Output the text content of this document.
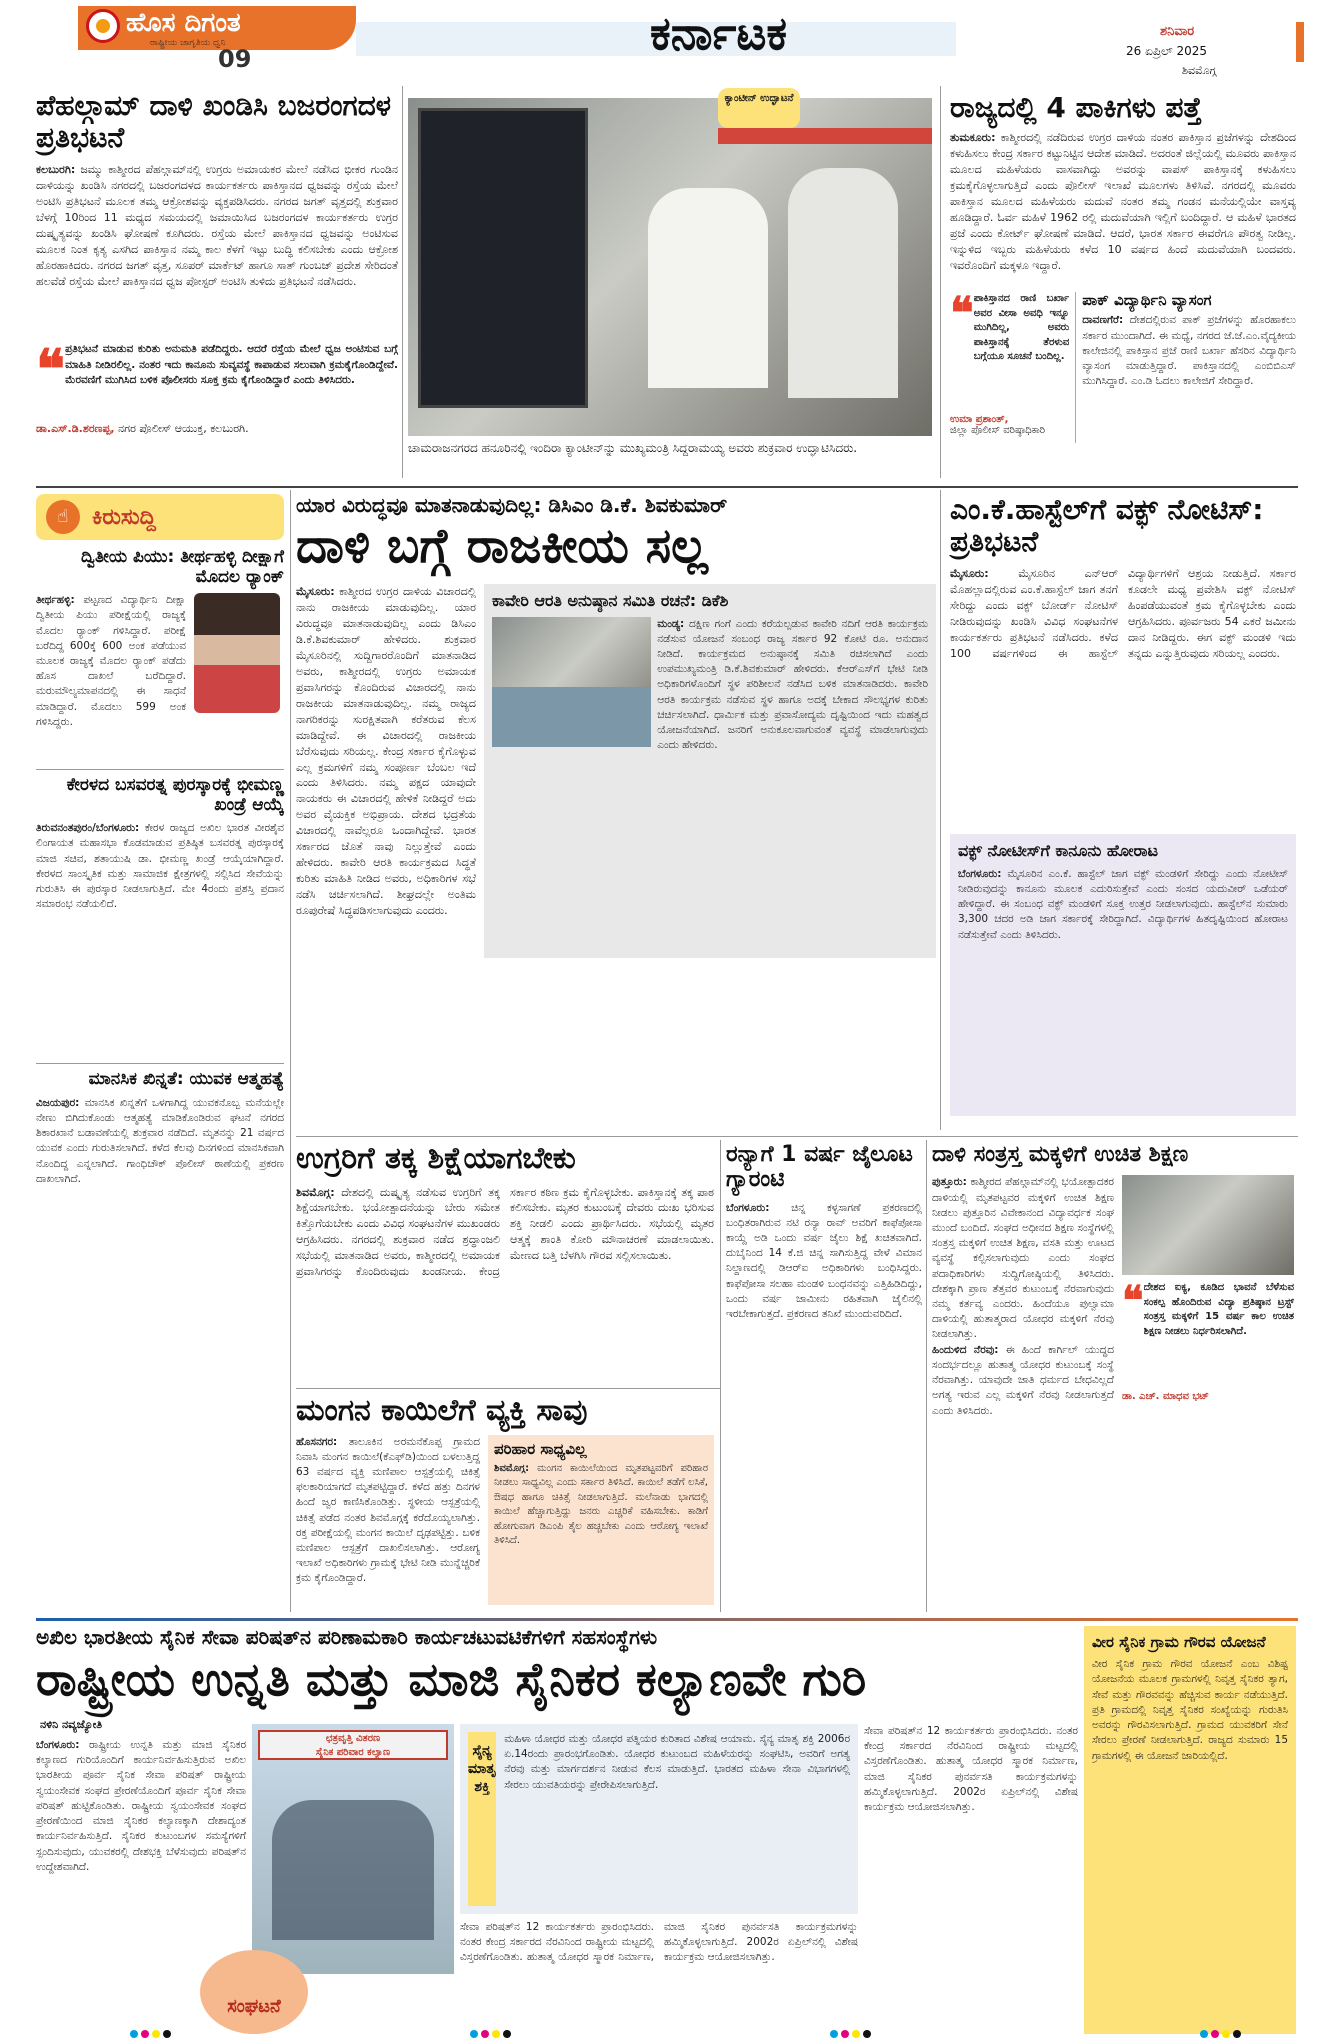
ಹೊಸ ದಿಗಂತ
ರಾಷ್ಟ್ರೀಯ ಜಾಗೃತಿಯ ಧ್ವನಿ
09	ಕರ್ನಾಟಕ	ಶನಿವಾರ
26 ಏಪ್ರಿಲ್ 2025
ಶಿವಮೊಗ್ಗ
ಪೆಹಲ್ಗಾಮ್ ದಾಳಿ ಖಂಡಿಸಿ ಬಜರಂಗದಳ ಪ್ರತಿಭಟನೆ
ಕಲಬುರಗಿ: ಜಮ್ಮು ಕಾಶ್ಮೀರದ ಪೆಹಲ್ಗಾಮ್‌ನಲ್ಲಿ ಉಗ್ರರು ಅಮಾಯಕರ ಮೇಲೆ ನಡೆಸಿದ ಭೀಕರ ಗುಂಡಿನ ದಾಳಿಯನ್ನು ಖಂಡಿಸಿ ನಗರದಲ್ಲಿ ಬಜರಂಗದಳದ ಕಾರ್ಯಕರ್ತರು ಪಾಕಿಸ್ತಾನದ ಧ್ವಜವನ್ನು ರಸ್ತೆಯ ಮೇಲೆ ಅಂಟಿಸಿ ಪ್ರತಿಭಟನೆ ಮೂಲಕ ತಮ್ಮ ಆಕ್ರೋಶವನ್ನು ವ್ಯಕ್ತಪಡಿಸಿದರು. ನಗರದ ಜಗತ್ ವೃತ್ತದಲ್ಲಿ ಶುಕ್ರವಾರ ಬೆಳಗ್ಗೆ 10ರಿಂದ 11 ಮಧ್ಯದ ಸಮಯದಲ್ಲಿ ಜಮಾಯಿಸಿದ ಬಜರಂಗದಳ ಕಾರ್ಯಕರ್ತರು ಉಗ್ರರ ದುಷ್ಕೃತ್ಯವನ್ನು ಖಂಡಿಸಿ ಘೋಷಣೆ ಕೂಗಿದರು. ರಸ್ತೆಯ ಮೇಲೆ ಪಾಕಿಸ್ತಾನದ ಧ್ವಜವನ್ನು ಅಂಟಿಸುವ ಮೂಲಕ ನಿಂತ ಕೃತ್ಯ ಎಸಗಿದ ಪಾಕಿಸ್ತಾನ ನಮ್ಮ ಕಾಲ ಕೆಳಗೆ ಇಟ್ಟು ಬುದ್ಧಿ ಕಲಿಸಬೇಕು ಎಂದು ಆಕ್ರೋಶ ಹೊರಹಾಕಿದರು. ನಗರದ ಜಗತ್ ವೃತ್ತ, ಸೂಪರ್ ಮಾರ್ಕೆಟ್ ಹಾಗೂ ಸಾತ್ ಗುಂಬಜ್ ಪ್ರದೇಶ ಸೇರಿದಂತೆ ಹಲವೆಡೆ ರಸ್ತೆಯ ಮೇಲೆ ಪಾಕಿಸ್ತಾನದ ಧ್ವಜ ಪೋಸ್ಟರ್ ಅಂಟಿಸಿ ತುಳಿದು ಪ್ರತಿಭಟನೆ ನಡೆಸಿದರು.
❝ ಪ್ರತಿಭಟನೆ ಮಾಡುವ ಕುರಿತು ಅನುಮತಿ ಪಡೆದಿದ್ದರು. ಆದರೆ ರಸ್ತೆಯ ಮೇಲೆ ಧ್ವಜ ಅಂಟಿಸುವ ಬಗ್ಗೆ ಮಾಹಿತಿ ನೀಡಿರಲಿಲ್ಲ. ನಂತರ ಇದು ಕಾನೂನು ಸುವ್ಯವಸ್ಥೆ ಕಾಪಾಡುವ ಸಲುವಾಗಿ ಕ್ರಮಕೈಗೊಂಡಿದ್ದೇವೆ. ಮೆರವಣಿಗೆ ಮುಗಿಸಿದ ಬಳಿಕ ಪೊಲೀಸರು ಸೂಕ್ತ ಕ್ರಮ ಕೈಗೊಂಡಿದ್ದಾರೆ ಎಂದು ತಿಳಿಸಿದರು.
ಡಾ.ಎಸ್.ಡಿ.ಶರಣಪ್ಪ, ನಗರ ಪೊಲೀಸ್ ಆಯುಕ್ತ, ಕಲಬುರಗಿ.
ಕ್ಯಾಂಟೀನ್ ಉದ್ಘಾಟನೆ
ಚಾಮರಾಜನಗರದ ಹನೂರಿನಲ್ಲಿ ಇಂದಿರಾ ಕ್ಯಾಂಟೀನ್‌ನ್ನು ಮುಖ್ಯಮಂತ್ರಿ ಸಿದ್ದರಾಮಯ್ಯ ಅವರು ಶುಕ್ರವಾರ ಉದ್ಘಾಟಿಸಿದರು.
ರಾಜ್ಯದಲ್ಲಿ 4 ಪಾಕಿಗಳು ಪತ್ತೆ
ತುಮಕೂರು: ಕಾಶ್ಮೀರದಲ್ಲಿ ನಡೆದಿರುವ ಉಗ್ರರ ದಾಳಿಯ ನಂತರ ಪಾಕಿಸ್ತಾನ ಪ್ರಜೆಗಳನ್ನು ದೇಶದಿಂದ ಕಳುಹಿಸಲು ಕೇಂದ್ರ ಸರ್ಕಾರ ಕಟ್ಟುನಿಟ್ಟಿನ ಆದೇಶ ಮಾಡಿದೆ. ಅದರಂತೆ ಜಿಲ್ಲೆಯಲ್ಲಿ ಮೂವರು ಪಾಕಿಸ್ತಾನ ಮೂಲದ ಮಹಿಳೆಯರು ವಾಸವಾಗಿದ್ದು ಅವರನ್ನು ವಾಪಸ್ ಪಾಕಿಸ್ತಾನಕ್ಕೆ ಕಳುಹಿಸಲು ಕ್ರಮಕೈಗೊಳ್ಳಲಾಗುತ್ತಿದೆ ಎಂದು ಪೊಲೀಸ್ ಇಲಾಖೆ ಮೂಲಗಳು ತಿಳಿಸಿವೆ. ನಗರದಲ್ಲಿ ಮೂವರು ಪಾಕಿಸ್ತಾನ ಮೂಲದ ಮಹಿಳೆಯರು ಮದುವೆ ನಂತರ ತಮ್ಮ ಗಂಡನ ಮನೆಯಲ್ಲಿಯೇ ವಾಸ್ತವ್ಯ ಹೂಡಿದ್ದಾರೆ. ಓರ್ವ ಮಹಿಳೆ 1962 ರಲ್ಲಿ ಮದುವೆಯಾಗಿ ಇಲ್ಲಿಗೆ ಬಂದಿದ್ದಾರೆ. ಆ ಮಹಿಳೆ ಭಾರತದ ಪ್ರಜೆ ಎಂದು ಕೋರ್ಟ್ ಘೋಷಣೆ ಮಾಡಿದೆ. ಆದರೆ, ಭಾರತ ಸರ್ಕಾರ ಈವರೆಗೂ ಪೌರತ್ವ ನೀಡಿಲ್ಲ. ಇನ್ನುಳಿದ ಇಬ್ಬರು ಮಹಿಳೆಯರು ಕಳೆದ 10 ವರ್ಷದ ಹಿಂದೆ ಮದುವೆಯಾಗಿ ಬಂದವರು. ಇವರೊಂದಿಗೆ ಮಕ್ಕಳೂ ಇದ್ದಾರೆ.
❝ ಪಾಕಿಸ್ತಾನದ ರಾಣಿ ಬರ್ಖಾ ಅವರ ವೀಸಾ ಅವಧಿ ಇನ್ನೂ ಮುಗಿದಿಲ್ಲ, ಅವರು ಪಾಕಿಸ್ತಾನಕ್ಕೆ ತೆರಳುವ ಬಗ್ಗೆಯೂ ಸೂಚನೆ ಬಂದಿಲ್ಲ.
ಉಮಾ ಪ್ರಶಾಂತ್,
ಜಿಲ್ಲಾ ಪೊಲೀಸ್ ವರಿಷ್ಠಾಧಿಕಾರಿ
ಪಾಕ್ ವಿದ್ಯಾರ್ಥಿನಿ ವ್ಯಾಸಂಗ
ದಾವಣಗೆರೆ: ದೇಶದಲ್ಲಿರುವ ಪಾಕ್ ಪ್ರಜೆಗಳನ್ನು ಹೊರಹಾಕಲು ಸರ್ಕಾರ ಮುಂದಾಗಿದೆ. ಈ ಮಧ್ಯೆ, ನಗರದ ಜೆ.ಜೆ.ಎಂ.ವೈದ್ಯಕೀಯ ಕಾಲೇಜಿನಲ್ಲಿ ಪಾಕಿಸ್ತಾನ ಪ್ರಜೆ ರಾಣಿ ಬರ್ಖಾ ಹೆಸರಿನ ವಿದ್ಯಾರ್ಥಿನಿ ವ್ಯಾಸಂಗ ಮಾಡುತ್ತಿದ್ದಾರೆ. ಪಾಕಿಸ್ತಾನದಲ್ಲಿ ಎಂಬಿಬಿಎಸ್ ಮುಗಿಸಿದ್ದಾರೆ. ಎಂ.ಡಿ ಓದಲು ಕಾಲೇಜಿಗೆ ಸೇರಿದ್ದಾರೆ.
☝	ಕಿರುಸುದ್ದಿ
ದ್ವಿತೀಯ ಪಿಯು: ತೀರ್ಥಹಳ್ಳಿ ದೀಕ್ಷಾಗೆ ಮೊದಲ ರ್‍ಯಾಂಕ್
ತೀರ್ಥಹಳ್ಳಿ: ಪಟ್ಟಣದ ವಿದ್ಯಾರ್ಥಿನಿ ದೀಕ್ಷಾ ದ್ವಿತೀಯ ಪಿಯು ಪರೀಕ್ಷೆಯಲ್ಲಿ ರಾಜ್ಯಕ್ಕೆ ಮೊದಲ ರ್‍ಯಾಂಕ್ ಗಳಿಸಿದ್ದಾರೆ. ಪರೀಕ್ಷೆ ಬರೆದಿದ್ದ 600ಕ್ಕೆ 600 ಅಂಕ ಪಡೆಯುವ ಮೂಲಕ ರಾಜ್ಯಕ್ಕೆ ಮೊದಲ ರ್‍ಯಾಂಕ್ ಪಡೆದು ಹೊಸ ದಾಖಲೆ ಬರೆದಿದ್ದಾರೆ. ಮರುಮೌಲ್ಯಮಾಪನದಲ್ಲಿ ಈ ಸಾಧನೆ ಮಾಡಿದ್ದಾರೆ. ಮೊದಲು 599 ಅಂಕ ಗಳಿಸಿದ್ದರು.
ಕೇರಳದ ಬಸವರತ್ನ ಪುರಸ್ಕಾರಕ್ಕೆ ಭೀಮಣ್ಣ ಖಂಡ್ರೆ ಆಯ್ಕೆ
ತಿರುವನಂತಪುರಂ/ಬೆಂಗಳೂರು: ಕೇರಳ ರಾಜ್ಯದ ಅಖಿಲ ಭಾರತ ವೀರಶೈವ ಲಿಂಗಾಯತ ಮಹಾಸಭಾ ಕೊಡಮಾಡುವ ಪ್ರತಿಷ್ಠಿತ ಬಸವರತ್ನ ಪುರಸ್ಕಾರಕ್ಕೆ ಮಾಜಿ ಸಚಿವ, ಶತಾಯುಷಿ ಡಾ. ಭೀಮಣ್ಣ ಖಂಡ್ರೆ ಆಯ್ಕೆಯಾಗಿದ್ದಾರೆ. ಕೇರಳದ ಸಾಂಸ್ಕೃತಿಕ ಮತ್ತು ಸಾಮಾಜಿಕ ಕ್ಷೇತ್ರಗಳಲ್ಲಿ ಸಲ್ಲಿಸಿದ ಸೇವೆಯನ್ನು ಗುರುತಿಸಿ ಈ ಪುರಸ್ಕಾರ ನೀಡಲಾಗುತ್ತಿದೆ. ಮೇ 4ರಂದು ಪ್ರಶಸ್ತಿ ಪ್ರದಾನ ಸಮಾರಂಭ ನಡೆಯಲಿದೆ.
ಮಾನಸಿಕ ಖಿನ್ನತೆ: ಯುವಕ ಆತ್ಮಹತ್ಯೆ
ವಿಜಯಪುರ: ಮಾನಸಿಕ ಖಿನ್ನತೆಗೆ ಒಳಗಾಗಿದ್ದ ಯುವಕನೊಬ್ಬ ಮನೆಯಲ್ಲೇ ನೇಣು ಬಿಗಿದುಕೊಂಡು ಆತ್ಮಹತ್ಯೆ ಮಾಡಿಕೊಂಡಿರುವ ಘಟನೆ ನಗರದ ಶಿಕಾರಖಾನೆ ಬಡಾವಣೆಯಲ್ಲಿ ಶುಕ್ರವಾರ ನಡೆದಿದೆ. ಮೃತನನ್ನು 21 ವರ್ಷದ ಯುವಕ ಎಂದು ಗುರುತಿಸಲಾಗಿದೆ. ಕಳೆದ ಕೆಲವು ದಿನಗಳಿಂದ ಮಾನಸಿಕವಾಗಿ ನೊಂದಿದ್ದ ಎನ್ನಲಾಗಿದೆ. ಗಾಂಧಿಚೌಕ್ ಪೊಲೀಸ್ ಠಾಣೆಯಲ್ಲಿ ಪ್ರಕರಣ ದಾಖಲಾಗಿದೆ.
ಯಾರ ವಿರುದ್ಧವೂ ಮಾತನಾಡುವುದಿಲ್ಲ: ಡಿಸಿಎಂ ಡಿ.ಕೆ. ಶಿವಕುಮಾರ್
ದಾಳಿ ಬಗ್ಗೆ ರಾಜಕೀಯ ಸಲ್ಲ
ಮೈಸೂರು: ಕಾಶ್ಮೀರದ ಉಗ್ರರ ದಾಳಿಯ ವಿಚಾರದಲ್ಲಿ ನಾನು ರಾಜಕೀಯ ಮಾಡುವುದಿಲ್ಲ. ಯಾರ ವಿರುದ್ಧವೂ ಮಾತನಾಡುವುದಿಲ್ಲ ಎಂದು ಡಿಸಿಎಂ ಡಿ.ಕೆ.ಶಿವಕುಮಾರ್ ಹೇಳಿದರು. ಶುಕ್ರವಾರ ಮೈಸೂರಿನಲ್ಲಿ ಸುದ್ದಿಗಾರರೊಂದಿಗೆ ಮಾತನಾಡಿದ ಅವರು, ಕಾಶ್ಮೀರದಲ್ಲಿ ಉಗ್ರರು ಅಮಾಯಕ ಪ್ರವಾಸಿಗರನ್ನು ಕೊಂದಿರುವ ವಿಚಾರದಲ್ಲಿ ನಾನು ರಾಜಕೀಯ ಮಾತನಾಡುವುದಿಲ್ಲ. ನಮ್ಮ ರಾಜ್ಯದ ನಾಗರಿಕರನ್ನು ಸುರಕ್ಷಿತವಾಗಿ ಕರೆತರುವ ಕೆಲಸ ಮಾಡಿದ್ದೇವೆ. ಈ ವಿಚಾರದಲ್ಲಿ ರಾಜಕೀಯ ಬೆರೆಸುವುದು ಸರಿಯಲ್ಲ. ಕೇಂದ್ರ ಸರ್ಕಾರ ಕೈಗೊಳ್ಳುವ ಎಲ್ಲ ಕ್ರಮಗಳಿಗೆ ನಮ್ಮ ಸಂಪೂರ್ಣ ಬೆಂಬಲ ಇದೆ ಎಂದು ತಿಳಿಸಿದರು. ನಮ್ಮ ಪಕ್ಷದ ಯಾವುದೇ ನಾಯಕರು ಈ ವಿಚಾರದಲ್ಲಿ ಹೇಳಿಕೆ ನೀಡಿದ್ದರೆ ಅದು ಅವರ ವೈಯಕ್ತಿಕ ಅಭಿಪ್ರಾಯ. ದೇಶದ ಭದ್ರತೆಯ ವಿಚಾರದಲ್ಲಿ ನಾವೆಲ್ಲರೂ ಒಂದಾಗಿದ್ದೇವೆ. ಭಾರತ ಸರ್ಕಾರದ ಜೊತೆ ನಾವು ನಿಲ್ಲುತ್ತೇವೆ ಎಂದು ಹೇಳಿದರು. ಕಾವೇರಿ ಆರತಿ ಕಾರ್ಯಕ್ರಮದ ಸಿದ್ಧತೆ ಕುರಿತು ಮಾಹಿತಿ ನೀಡಿದ ಅವರು, ಅಧಿಕಾರಿಗಳ ಸಭೆ ನಡೆಸಿ ಚರ್ಚಿಸಲಾಗಿದೆ. ಶೀಘ್ರದಲ್ಲೇ ಅಂತಿಮ ರೂಪುರೇಷೆ ಸಿದ್ಧಪಡಿಸಲಾಗುವುದು ಎಂದರು.
ಕಾವೇರಿ ಆರತಿ ಅನುಷ್ಠಾನ ಸಮಿತಿ ರಚನೆ: ಡಿಕೆಶಿ
ಮಂಡ್ಯ: ದಕ್ಷಿಣ ಗಂಗೆ ಎಂದು ಕರೆಯಲ್ಪಡುವ ಕಾವೇರಿ ನದಿಗೆ ಆರತಿ ಕಾರ್ಯಕ್ರಮ ನಡೆಸುವ ಯೋಜನೆ ಸಂಬಂಧ ರಾಜ್ಯ ಸರ್ಕಾರ 92 ಕೋಟಿ ರೂ. ಅನುದಾನ ನೀಡಿದೆ. ಕಾರ್ಯಕ್ರಮದ ಅನುಷ್ಠಾನಕ್ಕೆ ಸಮಿತಿ ರಚಿಸಲಾಗಿದೆ ಎಂದು ಉಪಮುಖ್ಯಮಂತ್ರಿ ಡಿ.ಕೆ.ಶಿವಕುಮಾರ್ ಹೇಳಿದರು. ಕೆಆರ್‌ಎಸ್‌ಗೆ ಭೇಟಿ ನೀಡಿ ಅಧಿಕಾರಿಗಳೊಂದಿಗೆ ಸ್ಥಳ ಪರಿಶೀಲನೆ ನಡೆಸಿದ ಬಳಿಕ ಮಾತನಾಡಿದರು. ಕಾವೇರಿ ಆರತಿ ಕಾರ್ಯಕ್ರಮ ನಡೆಸುವ ಸ್ಥಳ ಹಾಗೂ ಅದಕ್ಕೆ ಬೇಕಾದ ಸೌಲಭ್ಯಗಳ ಕುರಿತು ಚರ್ಚಿಸಲಾಗಿದೆ. ಧಾರ್ಮಿಕ ಮತ್ತು ಪ್ರವಾಸೋದ್ಯಮ ದೃಷ್ಟಿಯಿಂದ ಇದು ಮಹತ್ವದ ಯೋಜನೆಯಾಗಿದೆ. ಜನರಿಗೆ ಅನುಕೂಲವಾಗುವಂತೆ ವ್ಯವಸ್ಥೆ ಮಾಡಲಾಗುವುದು ಎಂದು ಹೇಳಿದರು.
ಎಂ.ಕೆ.ಹಾಸ್ಟೆಲ್‌ಗೆ ವಕ್ಫ್ ನೋಟಿಸ್: ಪ್ರತಿಭಟನೆ
ಮೈಸೂರು:	ಮೈಸೂರಿನ ಎನ್‌ಆರ್ ಮೊಹಲ್ಲಾದಲ್ಲಿರುವ ಎಂ.ಕೆ.ಹಾಸ್ಟೆಲ್ ಜಾಗ ತನಗೆ ಸೇರಿದ್ದು ಎಂದು ವಕ್ಫ್ ಬೋರ್ಡ್ ನೋಟಿಸ್ ನೀಡಿರುವುದನ್ನು ಖಂಡಿಸಿ ವಿವಿಧ ಸಂಘಟನೆಗಳ ಕಾರ್ಯಕರ್ತರು ಪ್ರತಿಭಟನೆ ನಡೆಸಿದರು. ಕಳೆದ 100 ವರ್ಷಗಳಿಂದ ಈ ಹಾಸ್ಟೆಲ್ ವಿದ್ಯಾರ್ಥಿಗಳಿಗೆ ಆಶ್ರಯ ನೀಡುತ್ತಿದೆ. ಸರ್ಕಾರ ಕೂಡಲೇ ಮಧ್ಯ ಪ್ರವೇಶಿಸಿ ವಕ್ಫ್ ನೋಟಿಸ್ ಹಿಂಪಡೆಯುವಂತೆ ಕ್ರಮ ಕೈಗೊಳ್ಳಬೇಕು ಎಂದು ಆಗ್ರಹಿಸಿದರು. ಪೂರ್ವಜರು 54 ಎಕರೆ ಜಮೀನು ದಾನ ನೀಡಿದ್ದರು. ಈಗ ವಕ್ಫ್ ಮಂಡಳಿ ಇದು ತನ್ನದು ಎನ್ನುತ್ತಿರುವುದು ಸರಿಯಲ್ಲ ಎಂದರು.
ವಕ್ಫ್ ನೋಟೀಸ್‌ಗೆ ಕಾನೂನು ಹೋರಾಟ
ಬೆಂಗಳೂರು: ಮೈಸೂರಿನ ಎಂ.ಕೆ. ಹಾಸ್ಟೆಲ್ ಜಾಗ ವಕ್ಫ್ ಮಂಡಳಿಗೆ ಸೇರಿದ್ದು ಎಂದು ನೋಟೀಸ್ ನೀಡಿರುವುದನ್ನು ಕಾನೂನು ಮೂಲಕ ಎದುರಿಸುತ್ತೇವೆ ಎಂದು ಸಂಸದ ಯದುವೀರ್ ಒಡೆಯರ್ ಹೇಳಿದ್ದಾರೆ. ಈ ಸಂಬಂಧ ವಕ್ಫ್ ಮಂಡಳಿಗೆ ಸೂಕ್ತ ಉತ್ತರ ನೀಡಲಾಗುವುದು. ಹಾಸ್ಟೆಲ್‌ನ ಸುಮಾರು 3,300 ಚದರ ಅಡಿ ಜಾಗ ಸರ್ಕಾರಕ್ಕೆ ಸೇರಿದ್ದಾಗಿದೆ. ವಿದ್ಯಾರ್ಥಿಗಳ ಹಿತದೃಷ್ಟಿಯಿಂದ ಹೋರಾಟ ನಡೆಸುತ್ತೇವೆ ಎಂದು ತಿಳಿಸಿದರು.
ಉಗ್ರರಿಗೆ ತಕ್ಕ ಶಿಕ್ಷೆಯಾಗಬೇಕು
ಶಿವಮೊಗ್ಗ: ದೇಶದಲ್ಲಿ ದುಷ್ಕೃತ್ಯ ನಡೆಸುವ ಉಗ್ರರಿಗೆ ತಕ್ಕ ಶಿಕ್ಷೆಯಾಗಬೇಕು. ಭಯೋತ್ಪಾದನೆಯನ್ನು ಬೇರು ಸಮೇತ ಕಿತ್ತೊಗೆಯಬೇಕು ಎಂದು ವಿವಿಧ ಸಂಘಟನೆಗಳ ಮುಖಂಡರು ಆಗ್ರಹಿಸಿದರು. ನಗರದಲ್ಲಿ ಶುಕ್ರವಾರ ನಡೆದ ಶ್ರದ್ಧಾಂಜಲಿ ಸಭೆಯಲ್ಲಿ ಮಾತನಾಡಿದ ಅವರು, ಕಾಶ್ಮೀರದಲ್ಲಿ ಅಮಾಯಕ ಪ್ರವಾಸಿಗರನ್ನು ಕೊಂದಿರುವುದು ಖಂಡನೀಯ. ಕೇಂದ್ರ ಸರ್ಕಾರ ಕಠಿಣ ಕ್ರಮ ಕೈಗೊಳ್ಳಬೇಕು. ಪಾಕಿಸ್ತಾನಕ್ಕೆ ತಕ್ಕ ಪಾಠ ಕಲಿಸಬೇಕು. ಮೃತರ ಕುಟುಂಬಕ್ಕೆ ದೇವರು ದುಃಖ ಭರಿಸುವ ಶಕ್ತಿ ನೀಡಲಿ ಎಂದು ಪ್ರಾರ್ಥಿಸಿದರು. ಸಭೆಯಲ್ಲಿ ಮೃತರ ಆತ್ಮಕ್ಕೆ ಶಾಂತಿ ಕೋರಿ ಮೌನಾಚರಣೆ ಮಾಡಲಾಯಿತು. ಮೇಣದ ಬತ್ತಿ ಬೆಳಗಿಸಿ ಗೌರವ ಸಲ್ಲಿಸಲಾಯಿತು.
ರನ್ಯಾಗೆ 1 ವರ್ಷ ಜೈಲೂಟ ಗ್ಯಾರಂಟಿ
ಬೆಂಗಳೂರು: ಚಿನ್ನ ಕಳ್ಳಸಾಗಣೆ ಪ್ರಕರಣದಲ್ಲಿ ಬಂಧಿತರಾಗಿರುವ ನಟಿ ರನ್ಯಾ ರಾವ್ ಅವರಿಗೆ ಕಾಫೆಪೋಸಾ ಕಾಯ್ದೆ ಅಡಿ ಒಂದು ವರ್ಷ ಜೈಲು ಶಿಕ್ಷೆ ಖಚಿತವಾಗಿದೆ. ದುಬೈನಿಂದ 14 ಕೆ.ಜಿ ಚಿನ್ನ ಸಾಗಿಸುತ್ತಿದ್ದ ವೇಳೆ ವಿಮಾನ ನಿಲ್ದಾಣದಲ್ಲಿ ಡಿಆರ್‌ಐ ಅಧಿಕಾರಿಗಳು ಬಂಧಿಸಿದ್ದರು. ಕಾಫೆಪೋಸಾ ಸಲಹಾ ಮಂಡಳಿ ಬಂಧನವನ್ನು ಎತ್ತಿಹಿಡಿದಿದ್ದು, ಒಂದು ವರ್ಷ ಜಾಮೀನು ರಹಿತವಾಗಿ ಜೈಲಿನಲ್ಲಿ ಇರಬೇಕಾಗುತ್ತದೆ. ಪ್ರಕರಣದ ತನಿಖೆ ಮುಂದುವರಿದಿದೆ.
ದಾಳಿ ಸಂತ್ರಸ್ತ ಮಕ್ಕಳಿಗೆ ಉಚಿತ ಶಿಕ್ಷಣ
ಪುತ್ತೂರು: ಕಾಶ್ಮೀರದ ಪೆಹಲ್ಗಾಮ್‌ನಲ್ಲಿ ಭಯೋತ್ಪಾದಕರ ದಾಳಿಯಲ್ಲಿ ಮೃತಪಟ್ಟವರ ಮಕ್ಕಳಿಗೆ ಉಚಿತ ಶಿಕ್ಷಣ ನೀಡಲು ಪುತ್ತೂರಿನ ವಿವೇಕಾನಂದ ವಿದ್ಯಾವರ್ಧಕ ಸಂಘ ಮುಂದೆ ಬಂದಿದೆ. ಸಂಘದ ಅಧೀನದ ಶಿಕ್ಷಣ ಸಂಸ್ಥೆಗಳಲ್ಲಿ ಸಂತ್ರಸ್ತ ಮಕ್ಕಳಿಗೆ ಉಚಿತ ಶಿಕ್ಷಣ, ವಸತಿ ಮತ್ತು ಊಟದ ವ್ಯವಸ್ಥೆ ಕಲ್ಪಿಸಲಾಗುವುದು ಎಂದು ಸಂಘದ ಪದಾಧಿಕಾರಿಗಳು ಸುದ್ದಿಗೋಷ್ಠಿಯಲ್ಲಿ ತಿಳಿಸಿದರು. ದೇಶಕ್ಕಾಗಿ ಪ್ರಾಣ ತೆತ್ತವರ ಕುಟುಂಬಕ್ಕೆ ನೆರವಾಗುವುದು ನಮ್ಮ ಕರ್ತವ್ಯ ಎಂದರು. ಹಿಂದೆಯೂ ಪುಲ್ವಾಮಾ ದಾಳಿಯಲ್ಲಿ ಹುತಾತ್ಮರಾದ ಯೋಧರ ಮಕ್ಕಳಿಗೆ ನೆರವು ನೀಡಲಾಗಿತ್ತು.
ಹಿಂದುಳಿದ ನೆರವು: ಈ ಹಿಂದೆ ಕಾರ್ಗಿಲ್ ಯುದ್ಧದ ಸಂದರ್ಭದಲ್ಲೂ ಹುತಾತ್ಮ ಯೋಧರ ಕುಟುಂಬಕ್ಕೆ ಸಂಸ್ಥೆ ನೆರವಾಗಿತ್ತು. ಯಾವುದೇ ಜಾತಿ ಧರ್ಮದ ಬೇಧವಿಲ್ಲದೆ ಅಗತ್ಯ ಇರುವ ಎಲ್ಲ ಮಕ್ಕಳಿಗೆ ನೆರವು ನೀಡಲಾಗುತ್ತದೆ ಎಂದು ತಿಳಿಸಿದರು.
❝ ದೇಶದ ಐಕ್ಯ, ಕೂಡಿದ ಭಾವನೆ ಬೆಳೆಸುವ ಸಂಕಲ್ಪ ಹೊಂದಿರುವ ವಿದ್ಯಾ ಪ್ರತಿಷ್ಠಾನ ಟ್ರಸ್ಟ್ ಸಂತ್ರಸ್ತ ಮಕ್ಕಳಿಗೆ 15 ವರ್ಷ ಕಾಲ ಉಚಿತ ಶಿಕ್ಷಣ ನೀಡಲು ನಿರ್ಧರಿಸಲಾಗಿದೆ.
ಡಾ. ಎಚ್. ಮಾಧವ ಭಟ್
ಮಂಗನ ಕಾಯಿಲೆಗೆ ವ್ಯಕ್ತಿ ಸಾವು
ಹೊಸನಗರ: ತಾಲೂಕಿನ ಅರಮನೆಕೊಪ್ಪ ಗ್ರಾಮದ ನಿವಾಸಿ ಮಂಗನ ಕಾಯಿಲೆ(ಕೆಎಫ್‌ಡಿ)ಯಿಂದ ಬಳಲುತ್ತಿದ್ದ 63 ವರ್ಷದ ವ್ಯಕ್ತಿ ಮಣಿಪಾಲ ಆಸ್ಪತ್ರೆಯಲ್ಲಿ ಚಿಕಿತ್ಸೆ ಫಲಕಾರಿಯಾಗದೆ ಮೃತಪಟ್ಟಿದ್ದಾರೆ. ಕಳೆದ ಹತ್ತು ದಿನಗಳ ಹಿಂದೆ ಜ್ವರ ಕಾಣಿಸಿಕೊಂಡಿತ್ತು. ಸ್ಥಳೀಯ ಆಸ್ಪತ್ರೆಯಲ್ಲಿ ಚಿಕಿತ್ಸೆ ಪಡೆದ ನಂತರ ಶಿವಮೊಗ್ಗಕ್ಕೆ ಕರೆದೊಯ್ಯಲಾಗಿತ್ತು. ರಕ್ತ ಪರೀಕ್ಷೆಯಲ್ಲಿ ಮಂಗನ ಕಾಯಿಲೆ ದೃಢಪಟ್ಟಿತ್ತು. ಬಳಿಕ ಮಣಿಪಾಲ ಆಸ್ಪತ್ರೆಗೆ ದಾಖಲಿಸಲಾಗಿತ್ತು. ಆರೋಗ್ಯ ಇಲಾಖೆ ಅಧಿಕಾರಿಗಳು ಗ್ರಾಮಕ್ಕೆ ಭೇಟಿ ನೀಡಿ ಮುನ್ನೆಚ್ಚರಿಕೆ ಕ್ರಮ ಕೈಗೊಂಡಿದ್ದಾರೆ.
ಪರಿಹಾರ ಸಾಧ್ಯವಿಲ್ಲ
ಶಿವಮೊಗ್ಗ: ಮಂಗನ ಕಾಯಿಲೆಯಿಂದ ಮೃತಪಟ್ಟವರಿಗೆ ಪರಿಹಾರ ನೀಡಲು ಸಾಧ್ಯವಿಲ್ಲ ಎಂದು ಸರ್ಕಾರ ತಿಳಿಸಿದೆ. ಕಾಯಿಲೆ ತಡೆಗೆ ಲಸಿಕೆ, ಔಷಧ ಹಾಗೂ ಚಿಕಿತ್ಸೆ ನೀಡಲಾಗುತ್ತಿದೆ. ಮಲೆನಾಡು ಭಾಗದಲ್ಲಿ ಕಾಯಿಲೆ ಹೆಚ್ಚಾಗುತ್ತಿದ್ದು ಜನರು ಎಚ್ಚರಿಕೆ ವಹಿಸಬೇಕು. ಕಾಡಿಗೆ ಹೋಗುವಾಗ ಡಿಎಂಪಿ ತೈಲ ಹಚ್ಚಬೇಕು ಎಂದು ಆರೋಗ್ಯ ಇಲಾಖೆ ತಿಳಿಸಿದೆ.
ಅಖಿಲ ಭಾರತೀಯ ಸೈನಿಕ ಸೇವಾ ಪರಿಷತ್‌ನ ಪರಿಣಾಮಕಾರಿ ಕಾರ್ಯಚಟುವಟಿಕೆಗಳಿಗೆ ಸಹಸಂಸ್ಥೆಗಳು
ರಾಷ್ಟ್ರೀಯ ಉನ್ನತಿ ಮತ್ತು ಮಾಜಿ ಸೈನಿಕರ ಕಲ್ಯಾಣವೇ ಗುರಿ
ನಳಿನಿ ನವ್ಯಜ್ಯೋತಿ
ಬೆಂಗಳೂರು: ರಾಷ್ಟ್ರೀಯ ಉನ್ನತಿ ಮತ್ತು ಮಾಜಿ ಸೈನಿಕರ ಕಲ್ಯಾಣದ ಗುರಿಯೊಂದಿಗೆ ಕಾರ್ಯನಿರ್ವಹಿಸುತ್ತಿರುವ ಅಖಿಲ ಭಾರತೀಯ ಪೂರ್ವ ಸೈನಿಕ ಸೇವಾ ಪರಿಷತ್ ರಾಷ್ಟ್ರೀಯ ಸ್ವಯಂಸೇವಕ ಸಂಘದ ಪ್ರೇರಣೆಯೊಂದಿಗೆ ಪೂರ್ವ ಸೈನಿಕ ಸೇವಾ ಪರಿಷತ್ ಹುಟ್ಟಿಕೊಂಡಿತು. ರಾಷ್ಟ್ರೀಯ ಸ್ವಯಂಸೇವಕ ಸಂಘದ ಪ್ರೇರಣೆಯಿಂದ ಮಾಜಿ ಸೈನಿಕರ ಕಲ್ಯಾಣಕ್ಕಾಗಿ ದೇಶಾದ್ಯಂತ ಕಾರ್ಯನಿರ್ವಹಿಸುತ್ತಿದೆ. ಸೈನಿಕರ ಕುಟುಂಬಗಳ ಸಮಸ್ಯೆಗಳಿಗೆ ಸ್ಪಂದಿಸುವುದು, ಯುವಕರಲ್ಲಿ ದೇಶಭಕ್ತಿ ಬೆಳೆಸುವುದು ಪರಿಷತ್‌ನ ಉದ್ದೇಶವಾಗಿದೆ.
ಛತ್ರವೃತ್ತಿ ವಿತರಣ
ಸೈನಿಕ ಪರಿವಾರ ಕಲ್ಯಾಣ
ಸಂಘಟನೆ
ಸೈನ್ಯ ಮಾತೃ ಶಕ್ತಿ
ಮಹಿಳಾ ಯೋಧರ ಮತ್ತು ಯೋಧರ ಪತ್ನಿಯರ ಕುರಿತಾದ ವಿಶೇಷ ಆಯಾಮ. ಸೈನ್ಯ ಮಾತೃ ಶಕ್ತಿ 2006ರ ಏ.14ರಂದು ಪ್ರಾರಂಭಗೊಂಡಿತು. ಯೋಧರ ಕುಟುಂಬದ ಮಹಿಳೆಯರನ್ನು ಸಂಘಟಿಸಿ, ಅವರಿಗೆ ಅಗತ್ಯ ನೆರವು ಮತ್ತು ಮಾರ್ಗದರ್ಶನ ನೀಡುವ ಕೆಲಸ ಮಾಡುತ್ತಿದೆ. ಭಾರತದ ಮಹಿಳಾ ಸೇನಾ ವಿಭಾಗಗಳಲ್ಲಿ ಸೇರಲು ಯುವತಿಯರನ್ನು ಪ್ರೇರೇಪಿಸಲಾಗುತ್ತಿದೆ.
ಸೇವಾ ಪರಿಷತ್‌ನ 12 ಕಾರ್ಯಕರ್ತರು ಪ್ರಾರಂಭಿಸಿದರು. ನಂತರ ಕೇಂದ್ರ ಸರ್ಕಾರದ ನೆರವಿನಿಂದ ರಾಷ್ಟ್ರೀಯ ಮಟ್ಟದಲ್ಲಿ ವಿಸ್ತರಣೆಗೊಂಡಿತು. ಹುತಾತ್ಮ ಯೋಧರ ಸ್ಮಾರಕ ನಿರ್ಮಾಣ, ಮಾಜಿ ಸೈನಿಕರ ಪುನರ್ವಸತಿ ಕಾರ್ಯಕ್ರಮಗಳನ್ನು ಹಮ್ಮಿಕೊಳ್ಳಲಾಗುತ್ತಿದೆ. 2002ರ ಏಪ್ರಿಲ್‌ನಲ್ಲಿ ವಿಶೇಷ ಕಾರ್ಯಕ್ರಮ ಆಯೋಜಿಸಲಾಗಿತ್ತು.
ಸೇವಾ ಪರಿಷತ್‌ನ 12 ಕಾರ್ಯಕರ್ತರು ಪ್ರಾರಂಭಿಸಿದರು. ನಂತರ ಕೇಂದ್ರ ಸರ್ಕಾರದ ನೆರವಿನಿಂದ ರಾಷ್ಟ್ರೀಯ ಮಟ್ಟದಲ್ಲಿ ವಿಸ್ತರಣೆಗೊಂಡಿತು. ಹುತಾತ್ಮ ಯೋಧರ ಸ್ಮಾರಕ ನಿರ್ಮಾಣ, ಮಾಜಿ ಸೈನಿಕರ ಪುನರ್ವಸತಿ ಕಾರ್ಯಕ್ರಮಗಳನ್ನು ಹಮ್ಮಿಕೊಳ್ಳಲಾಗುತ್ತಿದೆ. 2002ರ ಏಪ್ರಿಲ್‌ನಲ್ಲಿ ವಿಶೇಷ ಕಾರ್ಯಕ್ರಮ ಆಯೋಜಿಸಲಾಗಿತ್ತು.
ವೀರ ಸೈನಿಕ ಗ್ರಾಮ ಗೌರವ ಯೋಜನೆ
ವೀರ ಸೈನಿಕ ಗ್ರಾಮ ಗೌರವ ಯೋಜನೆ ಎಂಬ ವಿಶಿಷ್ಟ ಯೋಜನೆಯ ಮೂಲಕ ಗ್ರಾಮಗಳಲ್ಲಿ ನಿವೃತ್ತ ಸೈನಿಕರ ತ್ಯಾಗ, ಸೇವೆ ಮತ್ತು ಗೌರವವನ್ನು ಹೆಚ್ಚಿಸುವ ಕಾರ್ಯ ನಡೆಯುತ್ತಿದೆ. ಪ್ರತಿ ಗ್ರಾಮದಲ್ಲಿ ನಿವೃತ್ತ ಸೈನಿಕರ ಸಂಖ್ಯೆಯನ್ನು ಗುರುತಿಸಿ ಅವರನ್ನು ಗೌರವಿಸಲಾಗುತ್ತಿದೆ. ಗ್ರಾಮದ ಯುವಕರಿಗೆ ಸೇನೆ ಸೇರಲು ಪ್ರೇರಣೆ ನೀಡಲಾಗುತ್ತಿದೆ. ರಾಜ್ಯದ ಸುಮಾರು 15 ಗ್ರಾಮಗಳಲ್ಲಿ ಈ ಯೋಜನೆ ಜಾರಿಯಲ್ಲಿದೆ.
